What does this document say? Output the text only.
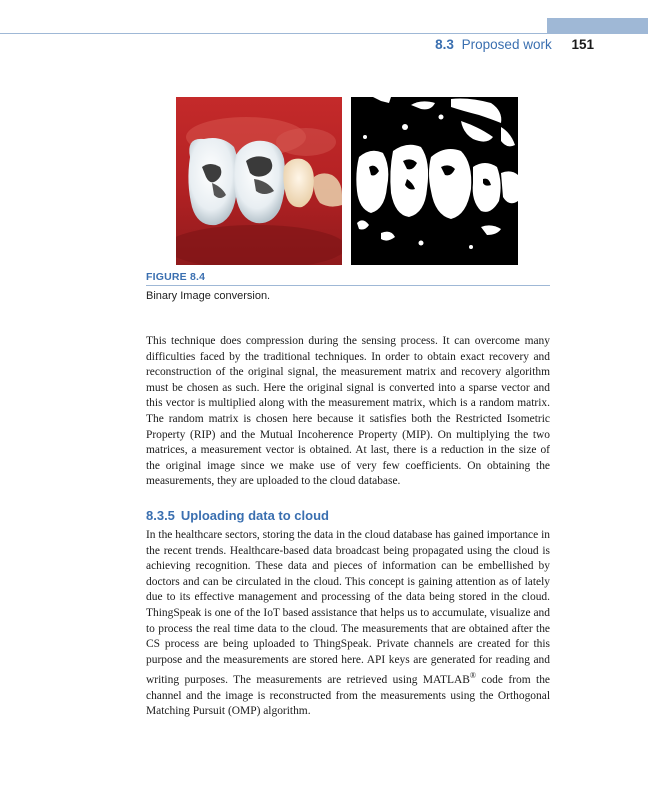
8.3 Proposed work 151
FIGURE 8.4
Binary Image conversion.

This technique does compression during the sensing process. It can overcome many difficulties faced by the traditional techniques. In order to obtain exact recovery and reconstruction of the original signal, the measurement matrix and recovery algorithm must be chosen as such. Here the original signal is converted into a sparse vector and this vector is multiplied along with the measurement matrix, which is a random matrix. The random matrix is chosen here because it satisfies both the Restricted Isometric Property (RIP) and the Mutual Incoherence Property (MIP). On multiplying the two matrices, a measurement vector is obtained. At last, there is a reduction in the size of the original image since we make use of very few coefficients. On obtaining the measurements, they are uploaded to the cloud database.

8.3.5 Uploading data to cloud

In the healthcare sectors, storing the data in the cloud database has gained importance in the recent trends. Healthcare-based data broadcast being propagated using the cloud is achieving recognition. These data and pieces of information can be embellished by doctors and can be circulated in the cloud. This concept is gaining attention as of lately due to its effective management and processing of the data being stored in the cloud. ThingSpeak is one of the IoT based assistance that helps us to accumulate, visualize and to process the real time data to the cloud. The measurements that are obtained after the CS process are being uploaded to ThingSpeak. Private channels are created for this purpose and the measurements are stored here. API keys are generated for reading and writing purposes. The measurements are retrieved using MATLAB® code from the channel and the image is reconstructed from the measurements using the Orthogonal Matching Pursuit (OMP) algorithm.
